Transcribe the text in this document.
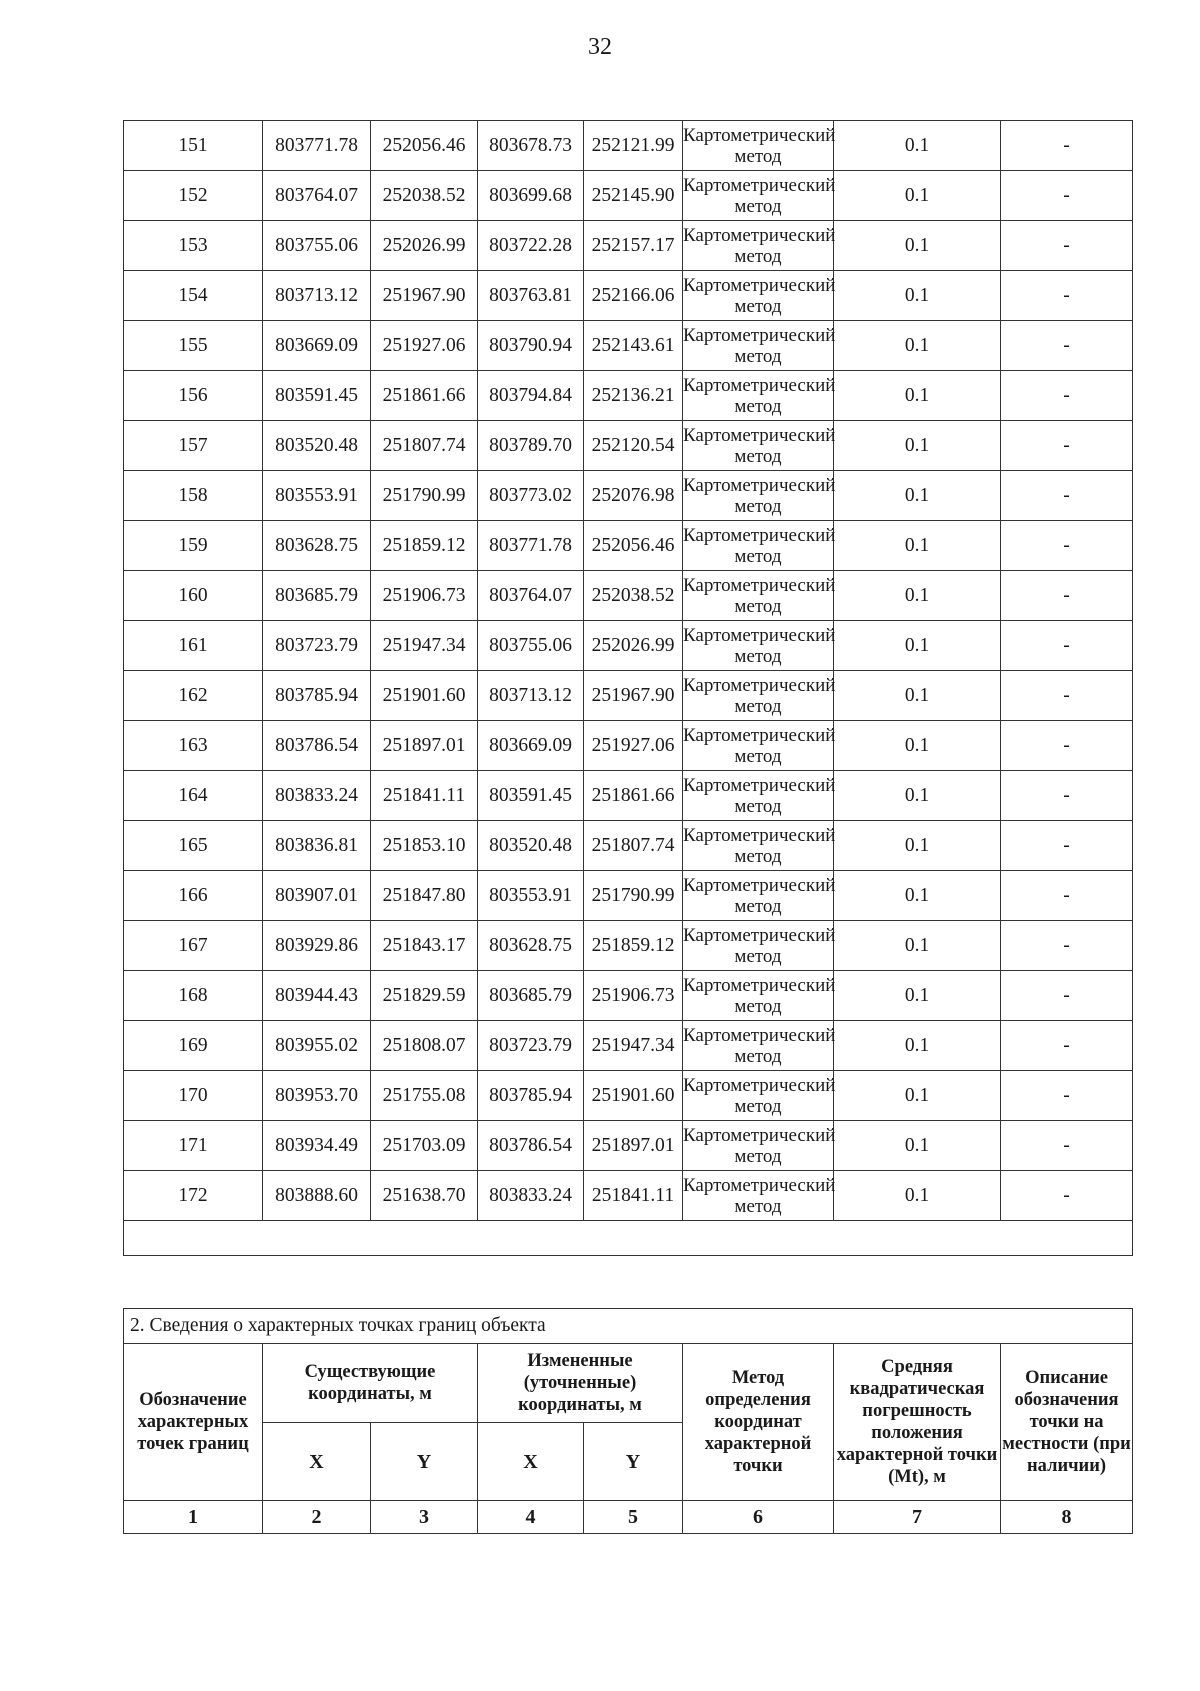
32
151	803771.78	252056.46	803678.73	252121.99	Картометрический метод	0.1	-
152	803764.07	252038.52	803699.68	252145.90	Картометрический метод	0.1	-
153	803755.06	252026.99	803722.28	252157.17	Картометрический метод	0.1	-
154	803713.12	251967.90	803763.81	252166.06	Картометрический метод	0.1	-
155	803669.09	251927.06	803790.94	252143.61	Картометрический метод	0.1	-
156	803591.45	251861.66	803794.84	252136.21	Картометрический метод	0.1	-
157	803520.48	251807.74	803789.70	252120.54	Картометрический метод	0.1	-
158	803553.91	251790.99	803773.02	252076.98	Картометрический метод	0.1	-
159	803628.75	251859.12	803771.78	252056.46	Картометрический метод	0.1	-
160	803685.79	251906.73	803764.07	252038.52	Картометрический метод	0.1	-
161	803723.79	251947.34	803755.06	252026.99	Картометрический метод	0.1	-
162	803785.94	251901.60	803713.12	251967.90	Картометрический метод	0.1	-
163	803786.54	251897.01	803669.09	251927.06	Картометрический метод	0.1	-
164	803833.24	251841.11	803591.45	251861.66	Картометрический метод	0.1	-
165	803836.81	251853.10	803520.48	251807.74	Картометрический метод	0.1	-
166	803907.01	251847.80	803553.91	251790.99	Картометрический метод	0.1	-
167	803929.86	251843.17	803628.75	251859.12	Картометрический метод	0.1	-
168	803944.43	251829.59	803685.79	251906.73	Картометрический метод	0.1	-
169	803955.02	251808.07	803723.79	251947.34	Картометрический метод	0.1	-
170	803953.70	251755.08	803785.94	251901.60	Картометрический метод	0.1	-
171	803934.49	251703.09	803786.54	251897.01	Картометрический метод	0.1	-
172	803888.60	251638.70	803833.24	251841.11	Картометрический метод	0.1	-

2. Сведения о характерных точках границ объекта							
Обозначение характерных точек границ	Существующие координаты, м		Измененные (уточненные) координаты, м		Метод определения координат характерной точки	Средняя квадратическая погрешность положения характерной точки (Mt), м	Описание обозначения точки на местности (при наличии)
	X	Y	X	Y			
1	2	3	4	5	6	7	8
